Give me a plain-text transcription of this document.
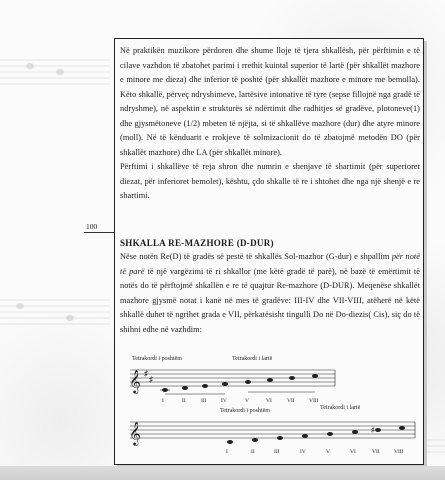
Në praktikën muzikore përdoren dhe shume lloje të tjera shkallësh, për përftimin e të cilave vazhdon të zbatohet parimi i rrethit kuintal superior të lartë (për shkallët mazhore e minore me dieza) dhe inferior të poshtë (për shkallët mazhore e minore me bemolla). Këto shkallë, përveç ndryshimeve, lartësive intonative të tyre (sepse fillojnë nga gradë të ndryshme), në aspektin e strukturës së ndërtimit dhe radhitjes së gradëve, plotoneve(1) dhe gjysmëtoneve (1/2) mbeten të njëjta, si të shkallëve mazhore (dur) dhe atyre minore (moll). Në të kënduarit e rrokjeve të solmizacionit do të zbatojmë metodën DO (për shkallët mazhore) dhe LA (për shkallët minore).
Përftimi i shkallëve të reja shron dhe numrin e shenjave të shartimit (për superioret diezat, për inferioret bemolet), kështu, çdo shkalle të re i shtohet dhe nga një shenjë e re shartimi.

100
SHKALLA RE-MAZHORE (D-DUR)

Nëse notën Re(D) të gradës së pestë të shkallës Sol-mazhor (G-dur) e shpallim për notë të parë të një vargëzimi të ri shkallor (me këtë gradë të parë), në bazë të emërtimit të notës do të përftojmë shkallën e re të quajtur Re-mazhore (D-DUR). Meqenëse shkallët mazhore gjysmë notat i kanë në mes të gradëve: III-IV dhe VII-VIII, atëherë në këtë shkallë duhet të ngrihet grada e VII, përkatësisht tingulli Do në Do-diezis( Cis), siç do të shihni edhe në vazhdim:

Tetrakordi i poshtëm	Tetrakordi i lartë
𝄞 ♯
♯
I	II	III	IV	V	VI	VII	VIII
Tetrakordi i poshtëm	Tetrakordi i lartë
𝄞	♯
I	II	III	IV	V	VI	VII	VIII
